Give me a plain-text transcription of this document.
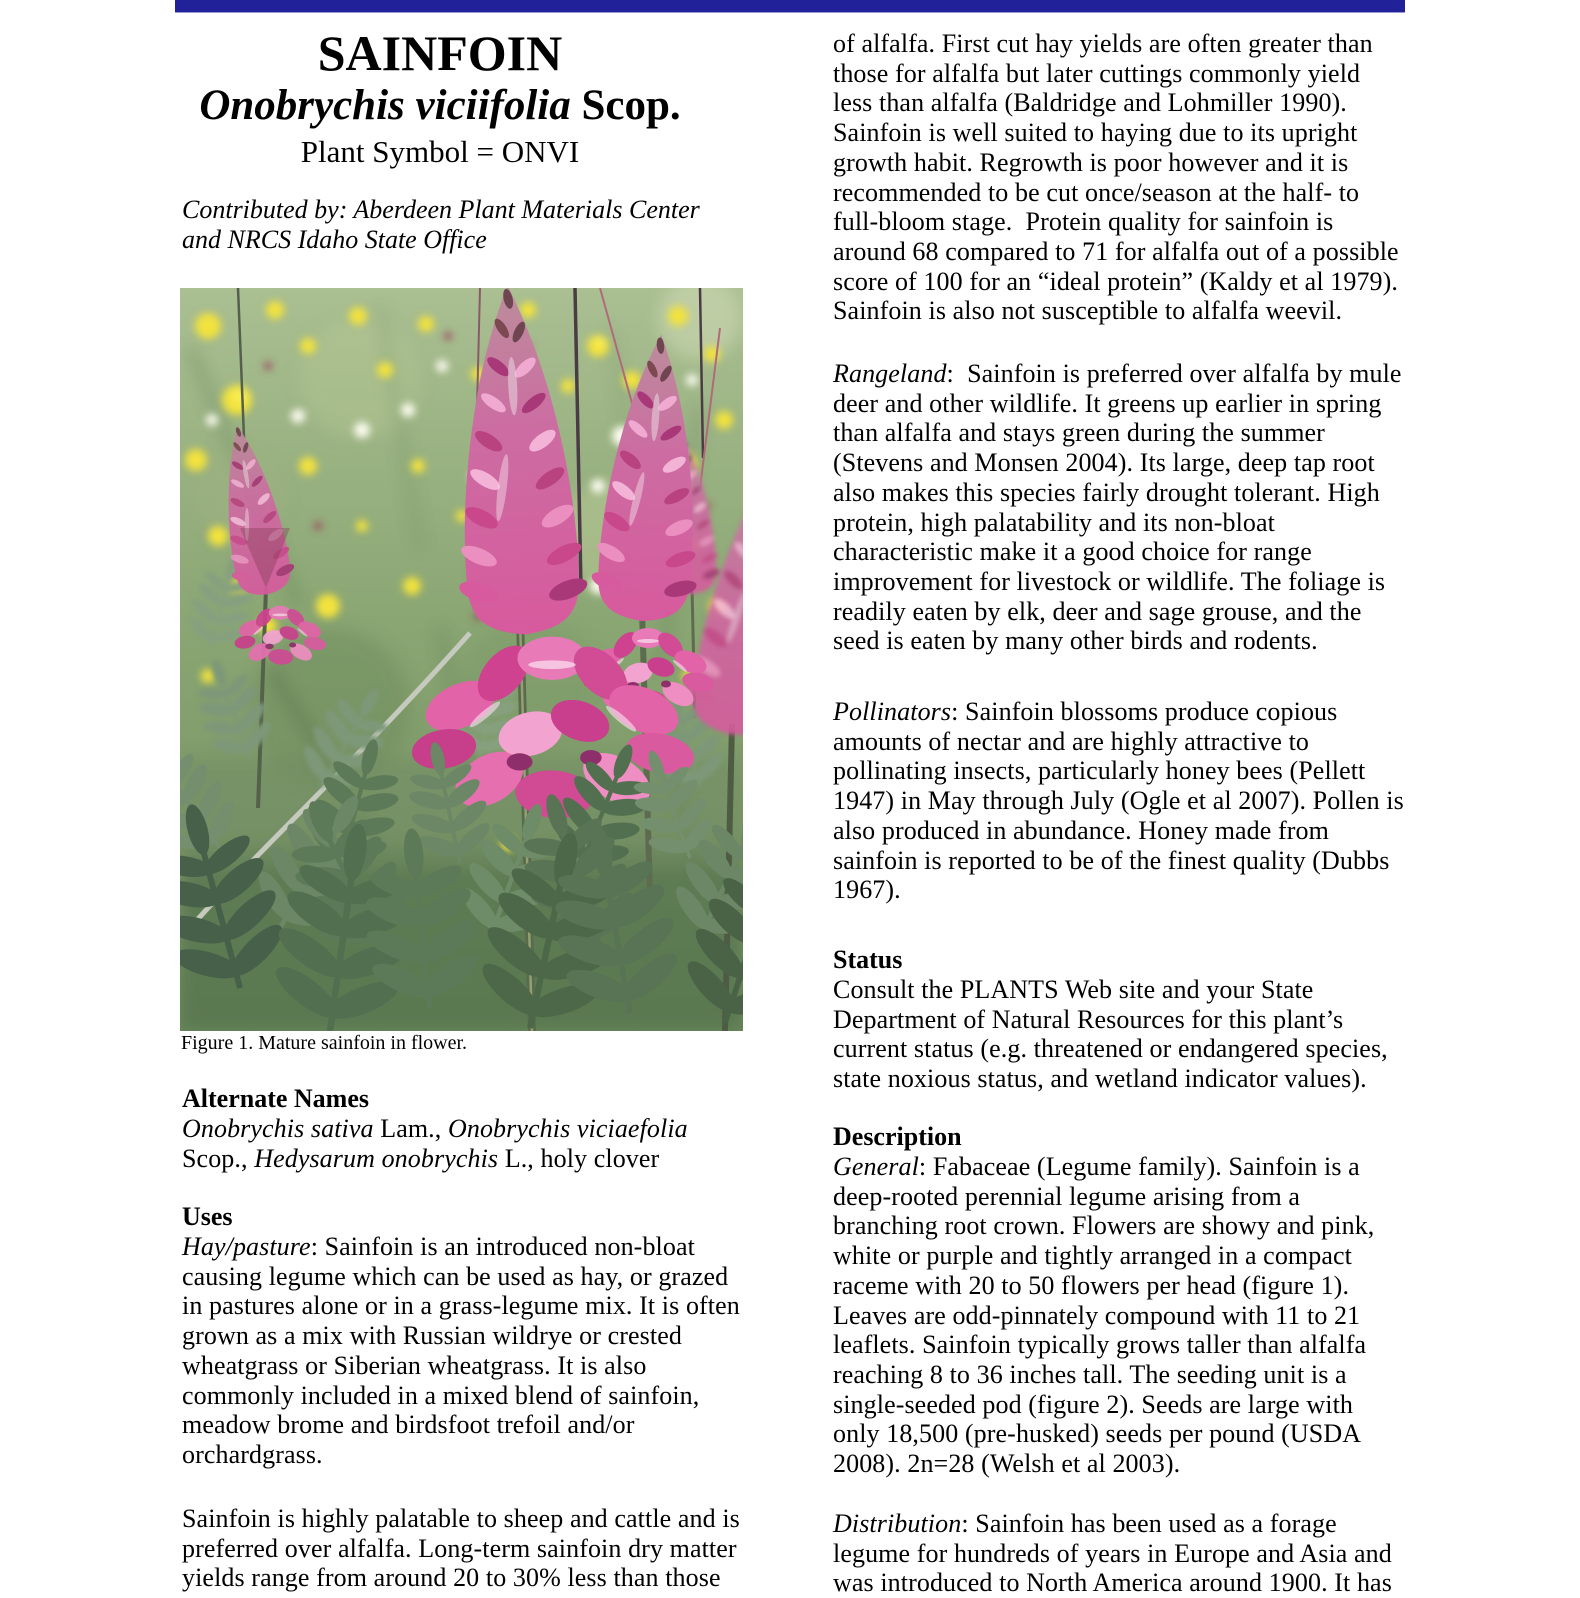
SAINFOIN
Onobrychis viciifolia Scop.
Plant Symbol = ONVI
Contributed by: Aberdeen Plant Materials Center and NRCS Idaho State Office
Figure 1. Mature sainfoin in flower.
Alternate Names
Onobrychis sativa Lam., Onobrychis viciaefolia Scop., Hedysarum onobrychis L., holy clover
Uses
Hay/pasture: Sainfoin is an introduced non-bloat causing legume which can be used as hay, or grazed in pastures alone or in a grass-legume mix. It is often grown as a mix with Russian wildrye or crested wheatgrass or Siberian wheatgrass. It is also commonly included in a mixed blend of sainfoin, meadow brome and birdsfoot trefoil and/or orchardgrass.
Sainfoin is highly palatable to sheep and cattle and is preferred over alfalfa. Long-term sainfoin dry matter yields range from around 20 to 30% less than those
of alfalfa. First cut hay yields are often greater than those for alfalfa but later cuttings commonly yield less than alfalfa (Baldridge and Lohmiller 1990). Sainfoin is well suited to haying due to its upright growth habit. Regrowth is poor however and it is recommended to be cut once/season at the half- to full-bloom stage.  Protein quality for sainfoin is around 68 compared to 71 for alfalfa out of a possible score of 100 for an “ideal protein” (Kaldy et al 1979). Sainfoin is also not susceptible to alfalfa weevil.
Rangeland:  Sainfoin is preferred over alfalfa by mule deer and other wildlife. It greens up earlier in spring than alfalfa and stays green during the summer (Stevens and Monsen 2004). Its large, deep tap root also makes this species fairly drought tolerant. High protein, high palatability and its non-bloat characteristic make it a good choice for range improvement for livestock or wildlife. The foliage is readily eaten by elk, deer and sage grouse, and the seed is eaten by many other birds and rodents.
Pollinators: Sainfoin blossoms produce copious amounts of nectar and are highly attractive to pollinating insects, particularly honey bees (Pellett 1947) in May through July (Ogle et al 2007). Pollen is also produced in abundance. Honey made from sainfoin is reported to be of the finest quality (Dubbs 1967).
Status
Consult the PLANTS Web site and your State Department of Natural Resources for this plant’s current status (e.g. threatened or endangered species, state noxious status, and wetland indicator values).
Description
General: Fabaceae (Legume family). Sainfoin is a deep-rooted perennial legume arising from a branching root crown. Flowers are showy and pink, white or purple and tightly arranged in a compact raceme with 20 to 50 flowers per head (figure 1). Leaves are odd-pinnately compound with 11 to 21 leaflets. Sainfoin typically grows taller than alfalfa reaching 8 to 36 inches tall. The seeding unit is a single-seeded pod (figure 2). Seeds are large with only 18,500 (pre-husked) seeds per pound (USDA 2008). 2n=28 (Welsh et al 2003).
Distribution: Sainfoin has been used as a forage legume for hundreds of years in Europe and Asia and was introduced to North America around 1900. It has
